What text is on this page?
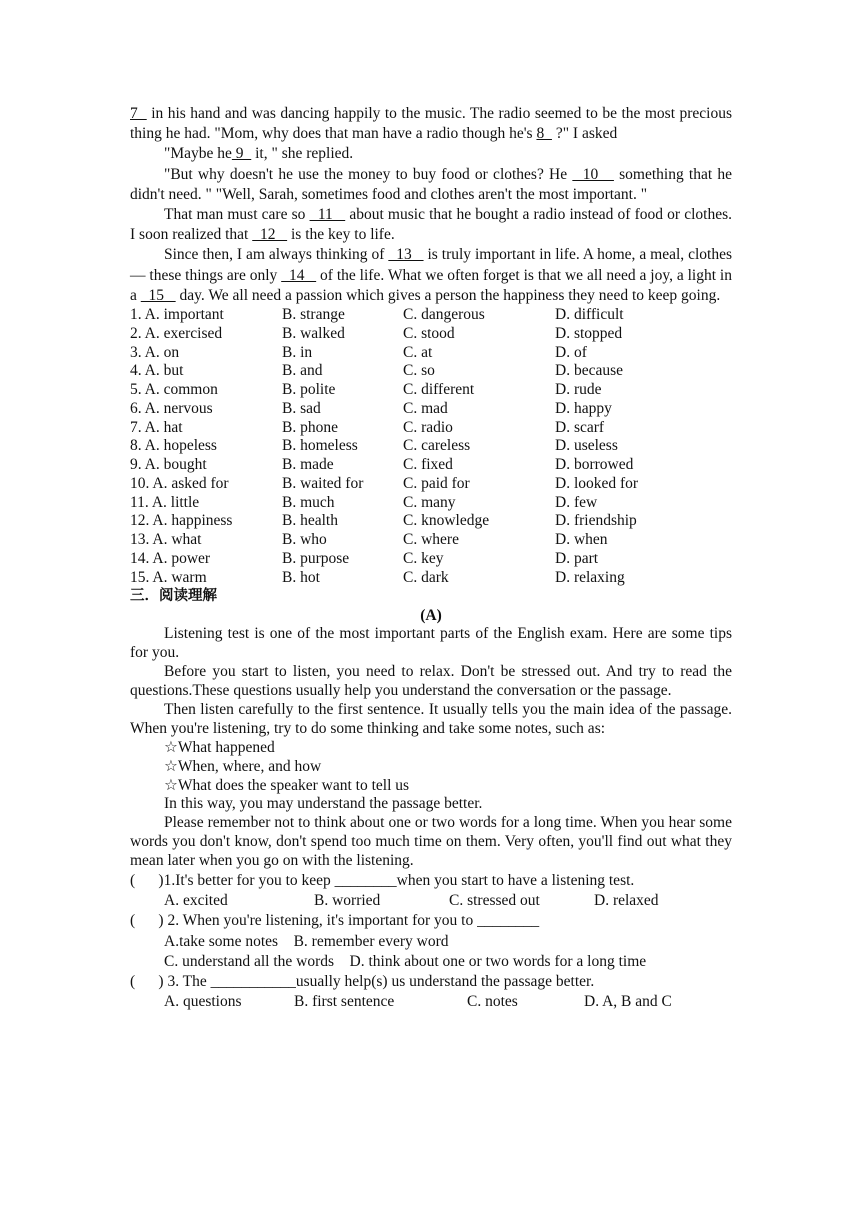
7   in his hand and was dancing happily to the music. The radio seemed to be the most precious thing he had. "Mom, why does that man have a radio though he's 8   ?" I asked

"Maybe he 9   it, " she replied.

"But why doesn't he use the money to buy food or clothes? He   10    something that he didn't need. " "Well, Sarah, sometimes food and clothes aren't the most important. "

That man must care so   11    about music that he bought a radio instead of food or clothes. I soon realized that   12    is the key to life.

Since then, I am always thinking of   13    is truly important in life. A home, a meal, clothes — these things are only   14    of the life. What we often forget is that we all need a joy, a light in a   15    day. We all need a passion which gives a person the happiness they need to keep going.

1. A. important	B. strange	C. dangerous	D. difficult
2. A. exercised	B. walked	C. stood	D. stopped
3. A. on	B. in	C. at	D. of
4. A. but	B. and	C. so	D. because
5. A. common	B. polite	C. different	D. rude
6. A. nervous	B. sad	C. mad	D. happy
7. A. hat	B. phone	C. radio	D. scarf
8. A. hopeless	B. homeless	C. careless	D. useless
9. A. bought	B. made	C. fixed	D. borrowed
10. A. asked for	B. waited for	C. paid for	D. looked for
11. A. little	B. much	C. many	D. few
12. A. happiness	B. health	C. knowledge	D. friendship
13. A. what	B. who	C. where	D. when
14. A. power	B. purpose	C. key	D. part
15. A. warm	B. hot	C. dark	D. relaxing
三．阅读理解
(A)

Listening test is one of the most important parts of the English exam. Here are some tips for you.

Before you start to listen, you need to relax. Don't be stressed out. And try to read the questions.These questions usually help you understand the conversation or the passage.

Then listen carefully to the first sentence. It usually tells you the main idea of the passage. When you're listening, try to do some thinking and take some notes, such as:

☆What happened
☆When, where, and how
☆What does the speaker want to tell us

In this way, you may understand the passage better.

Please remember not to think about one or two words for a long time. When you hear some words you don't know, don't spend too much time on them. Very often, you'll find out what they mean later when you go on with the listening.

(      )1.It's better for you to keep ________when you start to have a listening test.
A. excited	B. worried	C. stressed out	D. relaxed
(      ) 2. When you're listening, it's important for you to ________
A.take some notes    B. remember every word
C. understand all the words    D. think about one or two words for a long time
(      ) 3. The ___________usually help(s) us understand the passage better.
A. questions	B. first sentence	C. notes	D. A, B and C
